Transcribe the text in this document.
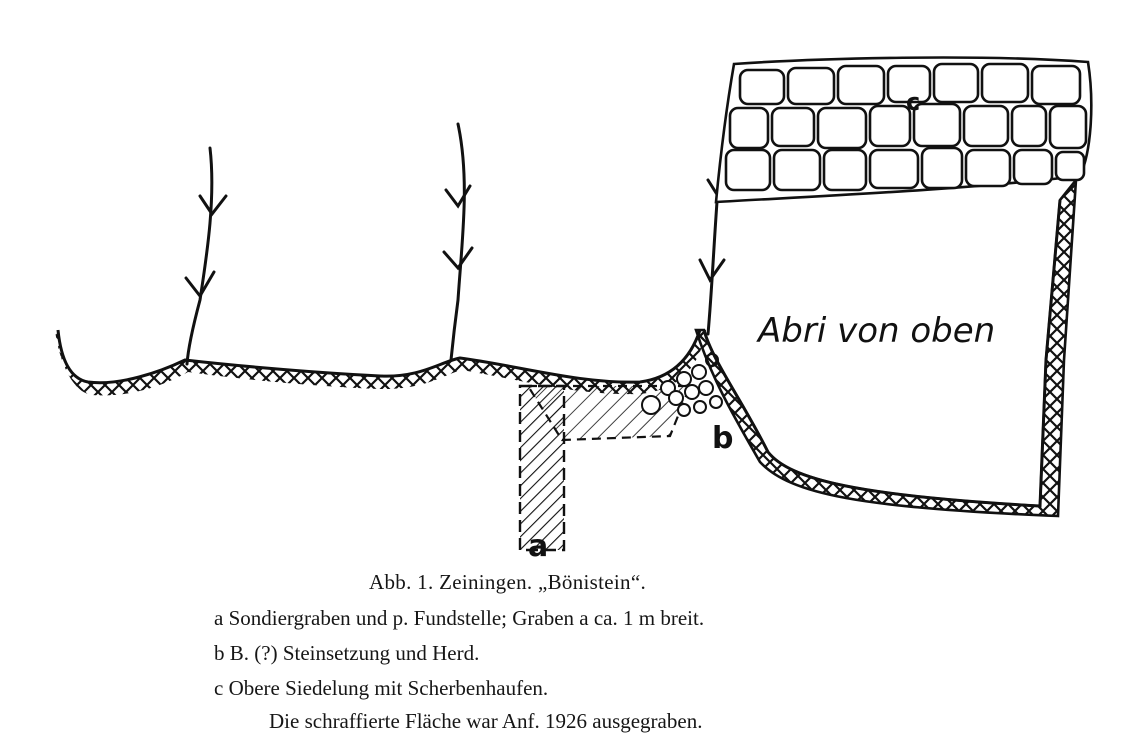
Abri von oben
a
b
c
Abb. 1. Zeiningen. „Bönistein“.
a Sondiergraben und p. Fundstelle; Graben a ca. 1 m breit.
b B. (?) Steinsetzung und Herd.
c Obere Siedelung mit Scherbenhaufen.
Die schraffierte Fläche war Anf. 1926 ausgegraben.
